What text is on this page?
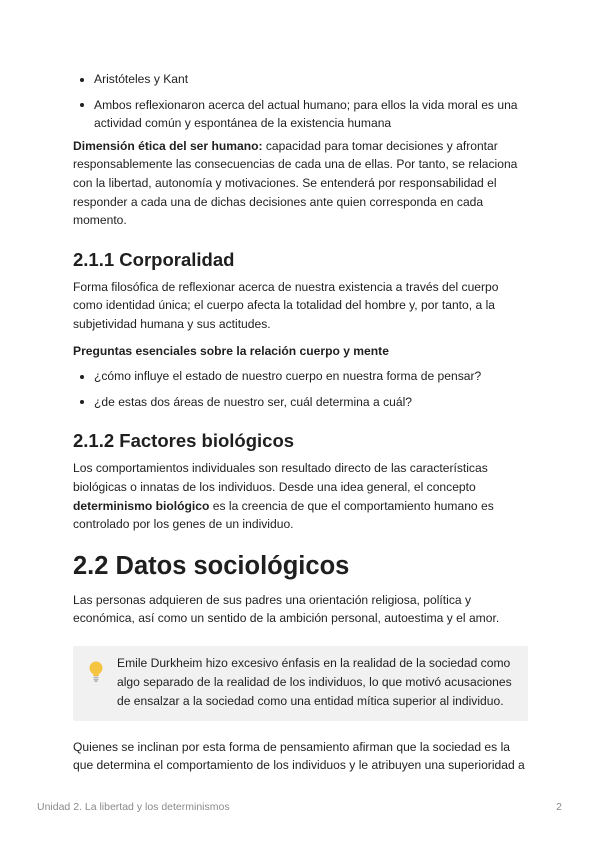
Aristóteles y Kant
Ambos reflexionaron acerca del actual humano; para ellos la vida moral es una actividad común y espontánea de la existencia humana

Dimensión ética del ser humano: capacidad para tomar decisiones y afrontar responsablemente las consecuencias de cada una de ellas. Por tanto, se relaciona con la libertad, autonomía y motivaciones. Se entenderá por responsabilidad el responder a cada una de dichas decisiones ante quien corresponda en cada momento.

2.1.1 Corporalidad

Forma filosófica de reflexionar acerca de nuestra existencia a través del cuerpo como identidad única; el cuerpo afecta la totalidad del hombre y, por tanto, a la subjetividad humana y sus actitudes.

Preguntas esenciales sobre la relación cuerpo y mente

¿cómo influye el estado de nuestro cuerpo en nuestra forma de pensar?
¿de estas dos áreas de nuestro ser, cuál determina a cuál?
2.1.2 Factores biológicos

Los comportamientos individuales son resultado directo de las características biológicas o innatas de los individuos. Desde una idea general, el concepto determinismo biológico es la creencia de que el comportamiento humano es controlado por los genes de un individuo.

2.2 Datos sociológicos

Las personas adquieren de sus padres una orientación religiosa, política y económica, así como un sentido de la ambición personal, autoestima y el amor.

Emile Durkheim hizo excesivo énfasis en la realidad de la sociedad como algo separado de la realidad de los individuos, lo que motivó acusaciones de ensalzar a la sociedad como una entidad mítica superior al individuo.

Quienes se inclinan por esta forma de pensamiento afirman que la sociedad es la que determina el comportamiento de los individuos y le atribuyen una superioridad a

Unidad 2. La libertad y los determinismos	2
